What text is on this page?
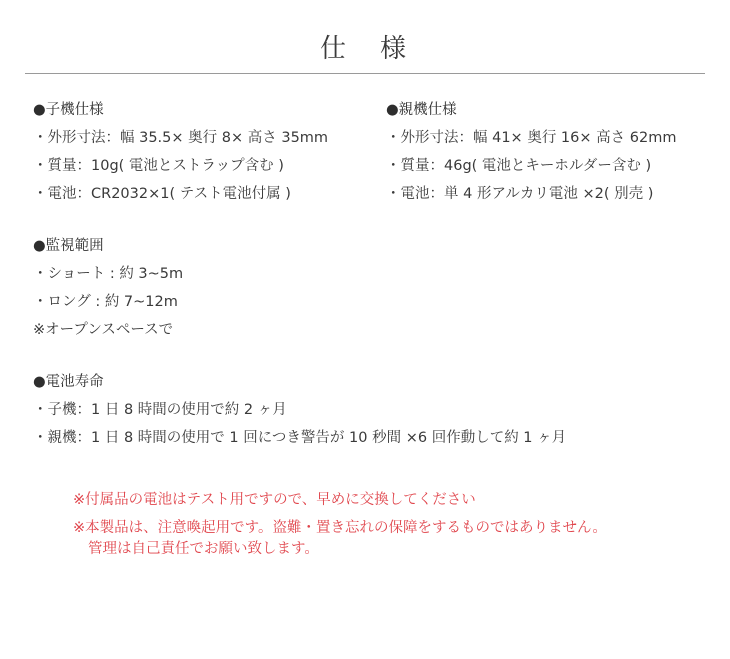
仕　様
●子機仕様
・外形寸法：幅 35.5× 奥行 8× 高さ 35mm
・質量：10g( 電池とストラップ含む )
・電池：CR2032×1( テスト電池付属 )
●親機仕様
・外形寸法：幅 41× 奥行 16× 高さ 62mm
・質量：46g( 電池とキーホルダー含む )
・電池：単 4 形アルカリ電池 ×2( 別売 )
●監視範囲
・ショート : 約 3~5m
・ロング : 約 7~12m
※オープンスペースで
●電池寿命
・子機：1 日 8 時間の使用で約 2 ヶ月
・親機：1 日 8 時間の使用で 1 回につき警告が 10 秒間 ×6 回作動して約 1 ヶ月
※付属品の電池はテスト用ですので、早めに交換してください
※本製品は、注意喚起用です。盗難・置き忘れの保障をするものではありません。
管理は自己責任でお願い致します。
